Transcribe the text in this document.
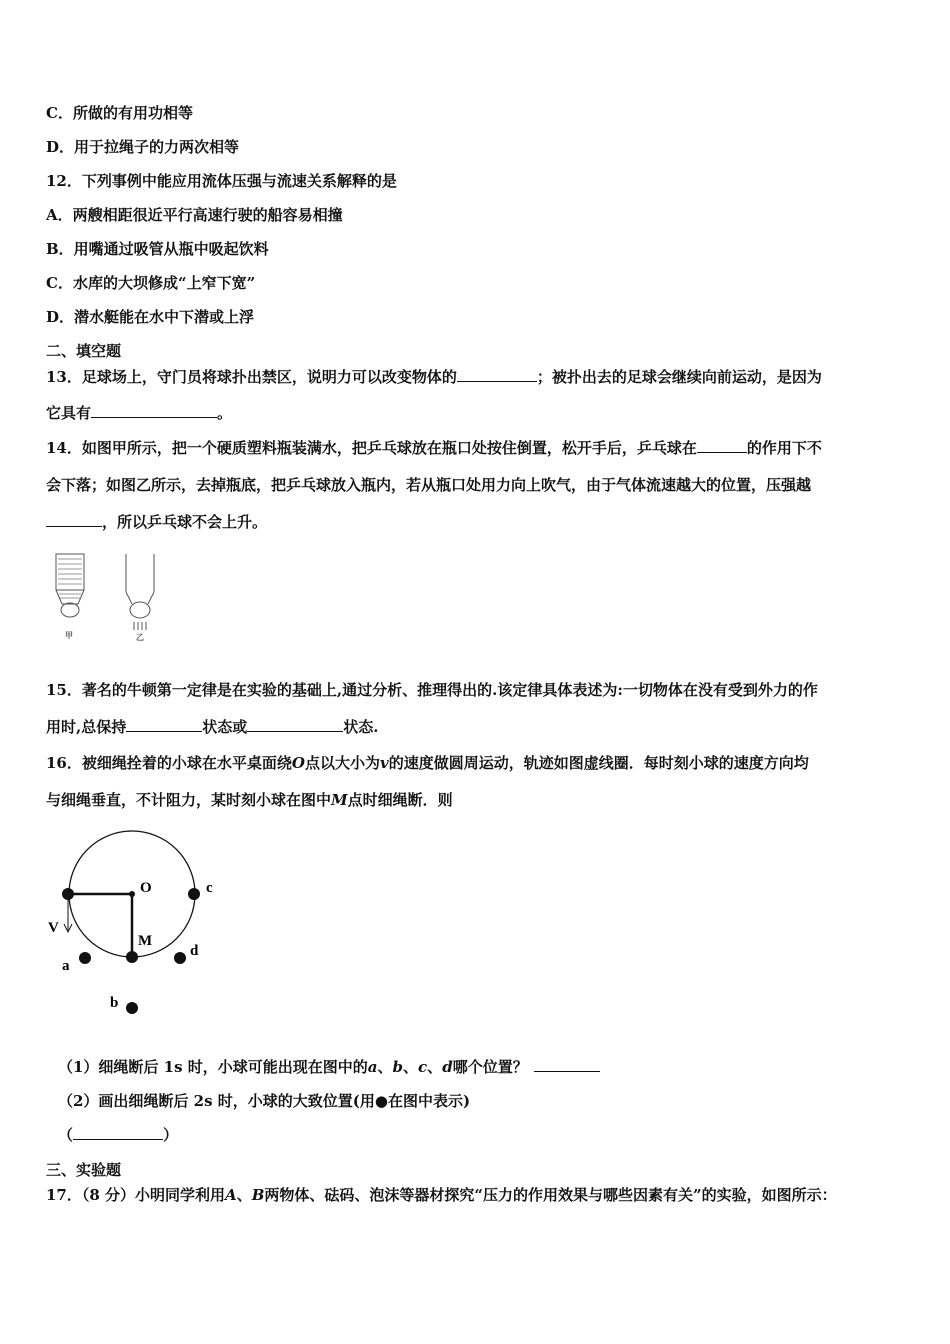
C．所做的有用功相等
D．用于拉绳子的力两次相等
12．下列事例中能应用流体压强与流速关系解释的是
A．两艘相距很近平行高速行驶的船容易相撞
B．用嘴通过吸管从瓶中吸起饮料
C．水库的大坝修成“上窄下宽”
D．潜水艇能在水中下潜或上浮
二、填空题
13．足球场上，守门员将球扑出禁区，说明力可以改变物体的	；被扑出去的足球会继续向前运动，是因为
它具有	。
14．如图甲所示，把一个硬质塑料瓶装满水，把乒乓球放在瓶口处按住倒置，松开手后，乒乓球在	的作用下不
会下落；如图乙所示，去掉瓶底，把乒乓球放入瓶内，若从瓶口处用力向上吹气，由于气体流速越大的位置，压强越
，所以乒乓球不会上升。
甲	乙
15．著名的牛顿第一定律是在实验的基础上,通过分析、推理得出的.该定律具体表述为:一切物体在没有受到外力的作
用时,总保持	状态或	状态.
16．被细绳拴着的小球在水平桌面绕O点以大小为v的速度做圆周运动，轨迹如图虚线圈．每时刻小球的速度方向均
与细绳垂直，不计阻力，某时刻小球在图中M点时细绳断．则
O	c
V
M
a
d
b
（1）细绳断后 1s 时，小球可能出现在图中的a、b、c、d哪个位置？
（2）画出细绳断后 2s 时，小球的大致位置(用●在图中表示)
（	）
三、实验题
17．（8 分）小明同学利用A、B两物体、砝码、泡沫等器材探究“压力的作用效果与哪些因素有关”的实验，如图所示：
